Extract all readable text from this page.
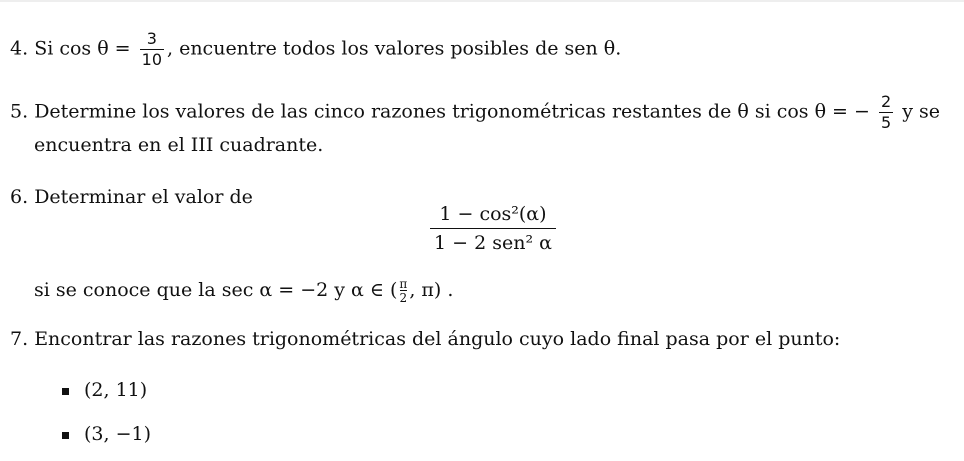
4. Si $\cos \theta = \frac{3}{10}$ , encuentre todos los valores posibles de sen θ.
5. Determine los valores de las cinco razones trigonométricas restantes de θ si cos θ = − $\frac{2}{5}$ y se
encuentra en el III cuadrante.
6. Determinar el valor de
1 − cos²(α)
1 − 2 sen² α
si se conoce que la sec α = −2 y α ∈ ( $\frac{\pi}{2}$ , π) .
7. Encontrar las razones trigonométricas del ángulo cuyo lado final pasa por el punto:
(2, 11)
(3, −1)
